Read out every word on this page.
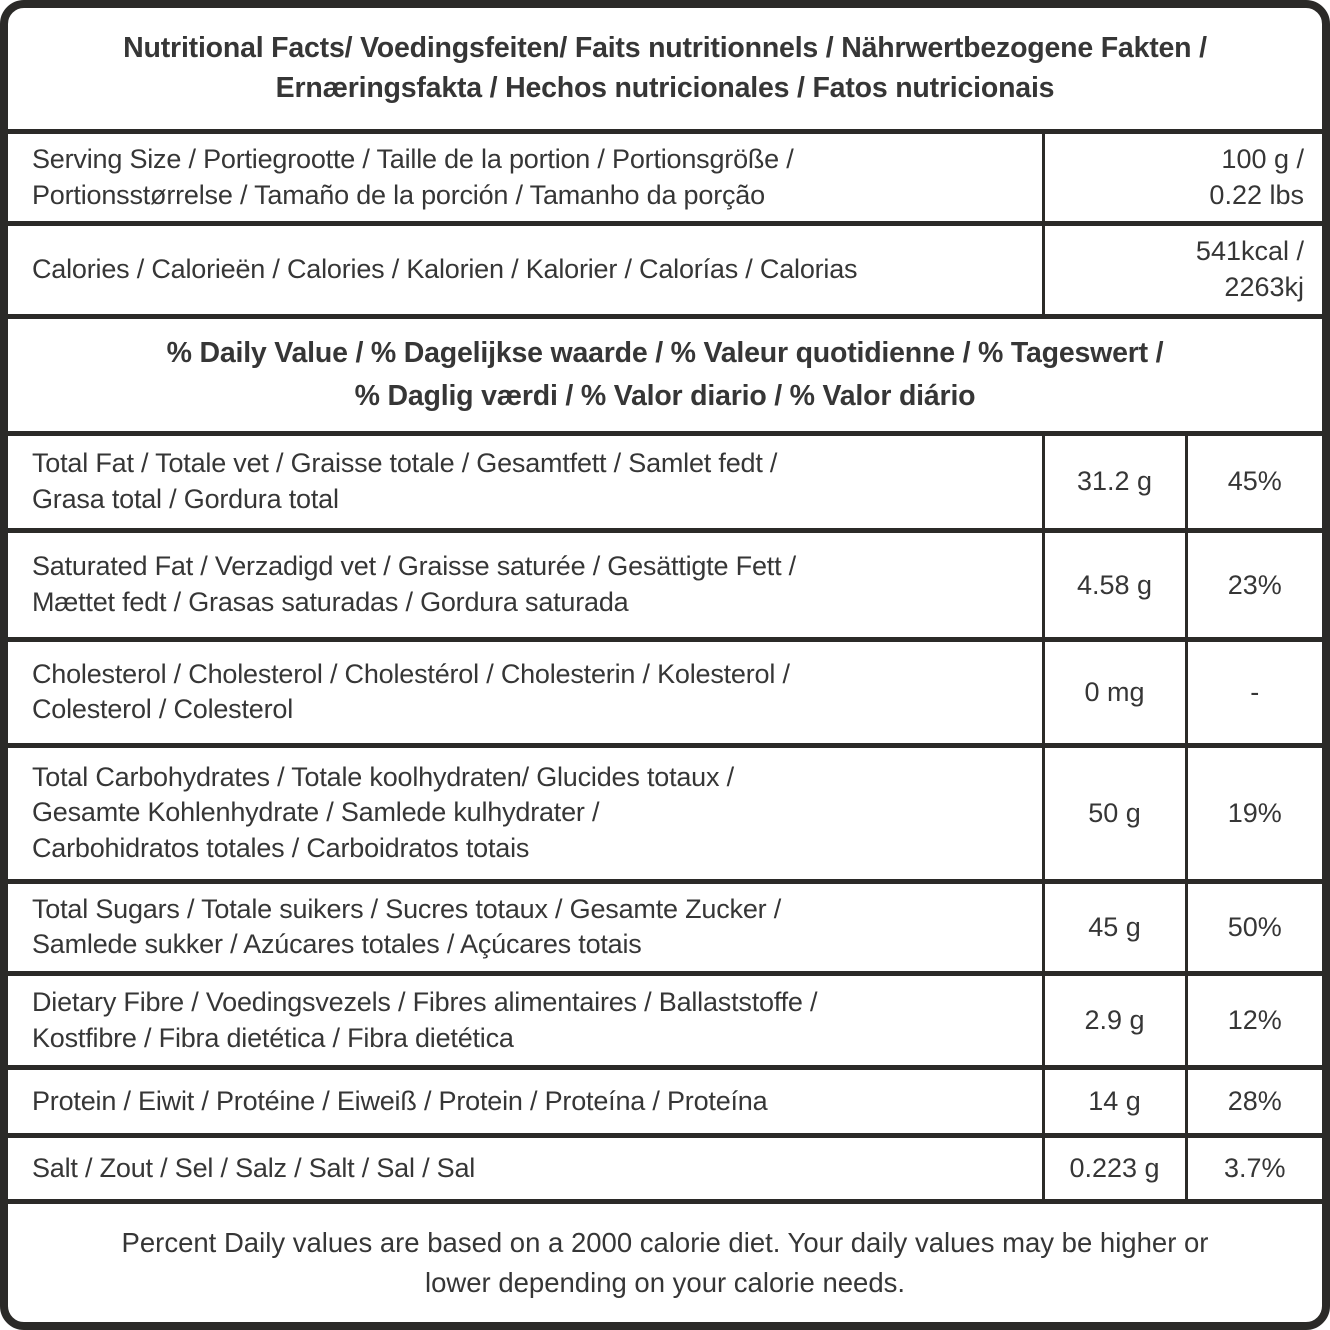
Nutritional Facts/ Voedingsfeiten/ Faits nutritionnels / Nährwertbezogene Fakten /
Ernæringsfakta / Hechos nutricionales / Fatos nutricionais		
Serving Size / Portiegrootte / Taille de la portion / Portionsgröße /
Portionsstørrelse / Tamaño de la porción / Tamanho da porção	100 g /
0.22 lbs	
Calories / Calorieën / Calories / Kalorien / Kalorier / Calorías / Calorias	541kcal /
2263kj	
% Daily Value / % Dagelijkse waarde / % Valeur quotidienne / % Tageswert /
% Daglig værdi / % Valor diario / % Valor diário		
Total Fat / Totale vet / Graisse totale / Gesamtfett / Samlet fedt /
Grasa total / Gordura total	31.2 g	45%
Saturated Fat / Verzadigd vet / Graisse saturée / Gesättigte Fett /
Mættet fedt / Grasas saturadas / Gordura saturada	4.58 g	23%
Cholesterol / Cholesterol / Cholestérol / Cholesterin / Kolesterol /
Colesterol / Colesterol	0 mg	-
Total Carbohydrates / Totale koolhydraten/ Glucides totaux /
Gesamte Kohlenhydrate / Samlede kulhydrater /
Carbohidratos totales / Carboidratos totais	50 g	19%
Total Sugars / Totale suikers / Sucres totaux / Gesamte Zucker /
Samlede sukker / Azúcares totales / Açúcares totais	45 g	50%
Dietary Fibre / Voedingsvezels / Fibres alimentaires / Ballaststoffe /
Kostfibre / Fibra dietética / Fibra dietética	2.9 g	12%
Protein / Eiwit / Protéine / Eiweiß / Protein / Proteína / Proteína	14 g	28%
Salt / Zout / Sel / Salz / Salt / Sal / Sal	0.223 g	3.7%
Percent Daily values are based on a 2000 calorie diet. Your daily values may be higher or
lower depending on your calorie needs.		
